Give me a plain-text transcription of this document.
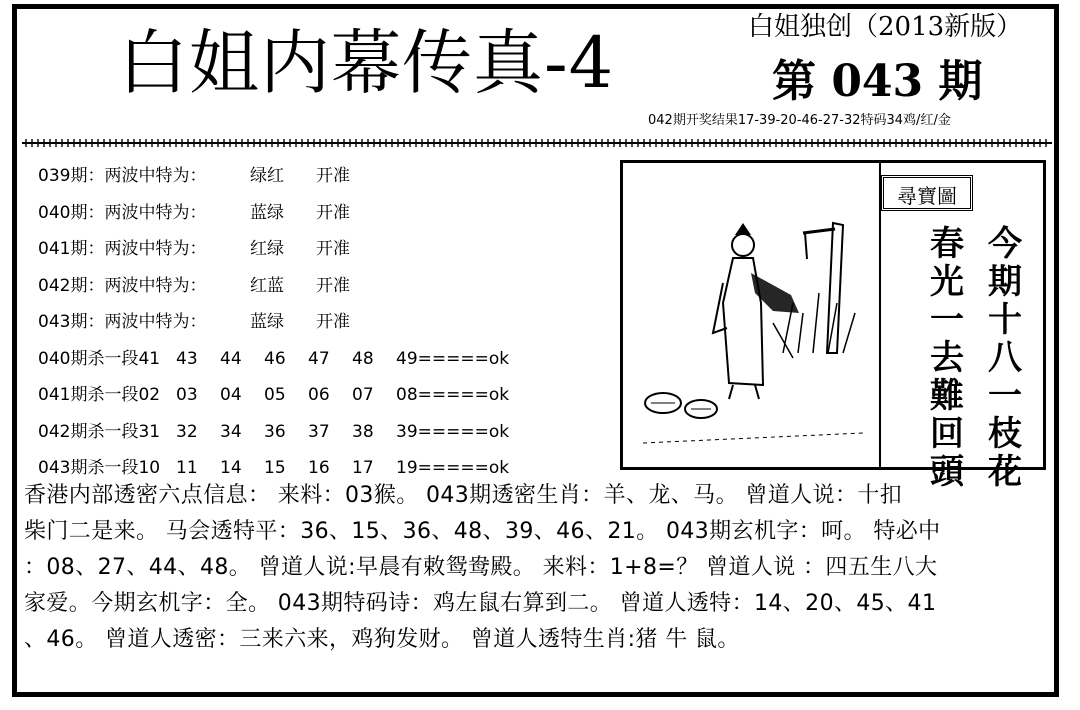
白姐内幕传真-4	白姐独创（2013新版）
第 043 期
042期开奖结果17-39-20-46-27-32特码34鸡/红/金
039期：两波中特为：	绿红 开准
040期：两波中特为：	蓝绿 开准
041期：两波中特为：	红绿 开准
042期：两波中特为：	红蓝 开准
043期：两波中特为：	蓝绿 开准
040期杀一段41 43 44 46 47 48 49=====ok
041期杀一段02 03 04 05 06 07 08=====ok
042期杀一段31 32 34 36 37 38 39=====ok
043期杀一段10 11 14 15 16 17 19=====ok
尋寶圖
今
期
十
八
一
枝
花
春
光
一
去
難
回
頭
香港内部透密六点信息： 来料：03猴。 043期透密生肖：羊、龙、马。 曾道人说：十扣
柴门二是来。 马会透特平：36、15、36、48、39、46、21。 043期玄机字：呵。 特必中
：08、27、44、48。 曾道人说:早晨有敕鸳鸯殿。 来料：1+8=？ 曾道人说 ：四五生八大
家爱。今期玄机字：全。 043期特码诗：鸡左鼠右算到二。 曾道人透特：14、20、45、41
、46。 曾道人透密：三来六来，鸡狗发财。 曾道人透特生肖:猪 牛 鼠。
